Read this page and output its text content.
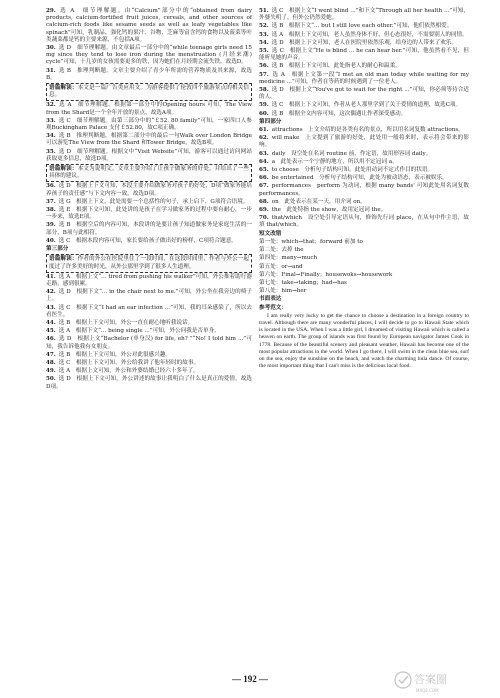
29. 选 A　细节理解题。由“Calcium”部分中的“obtained from dairy products, calcium-fortified fruit juices, cereals, and other sources of calcium-rich foods like sesame seeds as well as leafy vegetables like spinach”可知，乳制品、强化钙的果汁、谷物、芝麻等富含钙的食物以及菠菜等叶类蔬菜都是钙的主要来源，不包括A项。

30. 选 D　细节理解题。由文章最后一部分中的“while teenage girls need 15 mg since they tend to lose iron during the menstruation (月经来潮) cycle”可知，十几岁的女孩需要更多的铁，因为她们在月经期会流失铁。故选D。

31. 选 B　推理判断题。文章主要介绍了青少年所需的营养物质及其来源，故选B。

语篇解读：本文是一篇广告类应用文。为游客提供了伦敦四个旅游景点的相关信息。

32. 选 A　细节理解题。根据第一部分中的Opening hours 可知，The View from the Shard是一个全年开放的景点，故选A项。

33. 选 C　细节理解题。由第三部分中的“￡52. 80 family”可知，一家四口人参观Buckingham Palace 支付￡52.80，故C项正确。

34. 选 B　推理判断题。根据第二部分中的最后一句Walk over London Bridge 可以游览The View from the Shard 和Tower Bridge，故选B项。

35. 选 D　细节理解题。根据文中“Visit Website”可知，游客可以通过访问网站获取更多信息，故选D项。

语篇解读：本文为说明文。文章主要介绍了让孩子做家务的好处，并给出了一些具体的建议。

36. 选 D　根据上下文可知，本段主要介绍做家务对孩子的好处，D项“做家务能培养孩子的责任感”与下文内容一致，故选D项。

37. 选 G　根据上下文，此处需要一个总括性的句子，承上启下，G项符合语境。

38. 选 E　根据下文可知，此处讲的是孩子在学习做家务的过程中要有耐心，一步一步来，故选E项。

39. 选 B　根据空后的内容可知，本段讲的是要让孩子知道做家务是家庭生活的一部分，B项与此相符。

40. 选 C　根据本段内容可知，家长要给孩子做出好的榜样，C项符合题意。

第三部分

语篇解读：作者的外公在医院里住了一段时间，在这段时间里，作者与外公一起度过了许多美好的时光，从外公那里学到了很多人生道理。

41. 选 A　根据上文“... tired from pushing his walker”可知，外公推着助行器走路，感到很累。

42. 选 D　根据下文“... in the chair next to me.”可知，外公坐在我旁边的椅子上。

43. 选 C　根据下文“I had an ear infection ...”可知，我的耳朵感染了，所以去看医生。

44. 选 B　根据上下文可知，外公一直在耐心地听我说话。

45. 选 A　根据下文“... being single ...”可知，外公问我是否单身。

46. 选 D　根据上文“Bachelor (单身汉) for life, eh? ”“No! I told him ...”可知，我告诉他我有女朋友。

47. 选 B　根据上下文可知，外公对此很感兴趣。

48. 选 C　根据上下文可知，外公给我讲了他年轻时的故事。

49. 选 A　根据上文可知，外公和外婆结婚已经六十多年了。

50. 选 D　根据上下文可知，外公讲述的故事让我明白了什么是真正的爱情，故选D项。

51. 选 C　根据上文“I went blind ...”和下文“Through all her health ...”可知，外婆失明了，但外公仍然爱她。

52. 选 B　根据下文“... but I still love each other.”可知，他们依然相爱。

53. 选 A　根据上下文可知，老人虽然身体不好，但心态很好，不需要别人的同情。

54. 选 D　根据上下文可知，老人在医院里依然乐观，给身边的人带来了欢乐。

55. 选 C　根据上文“He is blind ... he can hear her.”可知，他虽然看不见，但能听见她的声音。

56. 选 B　根据上下文可知，此处指老人的耐心和温柔。

57. 选 A　根据上文第一段“I met an old man today while waiting for my medicine ...”可知，作者在等药的时候遇到了一位老人。

58. 选 D　根据上文“You've got to wait for the right ...”可知，你必须等待合适的人。

59. 选 C　根据上下文可知，作者从老人那里学到了关于爱情的道理，故选C项。

60. 选 B　根据全文内容可知，这次偶遇让作者深受感动。

第四部分

61. attractions　上文介绍的是各类有名的景点，所以用名词复数 attractions。

62. will make　上文提到了旅游的好处，此处用一般将来时，表示将会带来的影响。

63. daily　设空处在名词 routine 前，作定语，故用形容词 daily。

64. a　此处表示一个宁静的地方，所以用不定冠词 a。

65. to choose　分析句子结构可知，此处用动词不定式作目的状语。

66. be entertained　分析句子结构可知，此处为被动语态，表示被娱乐。

67. performances　perform 为动词，根据 many bands' 可知此处用名词复数 performances。

68. on　此处表示在某一天，用介词 on。

69. the　此处特指 the show，故用定冠词 the。

70. that/which　设空处引导定语从句，修饰先行词 place，在从句中作主语，故填 that/which。

短文改错

第一处：which→that；forward 前加 to

第二处：去掉 the

第四处：many→much

第五处：or→and

第六处：Final→Finally；housewoks→housework

第七处：take→taking；had→has

第八处：him→her

书面表达

参考范文：

I am really very lucky to get the chance to choose a destination in a foreign country to travel. Although there are many wonderful places, I will decide to go to Hawaii State which is located in the USA. When I was a little girl, I dreamed of visiting Hawaii which is called a heaven on earth. The group of islands was first found by European navigator James Cook in 1778. Because of the beautiful scenery and pleasant weather, Hawaii has become one of the most popular attractions in the world. When I go there, I will swim in the clean blue sea, surf on the sea, enjoy the sunshine on the beach, and watch the charming hula dance. Of course, the most important thing that I can't miss is the delicious local food.

— 192 —	答案圈
MXQE.COM
